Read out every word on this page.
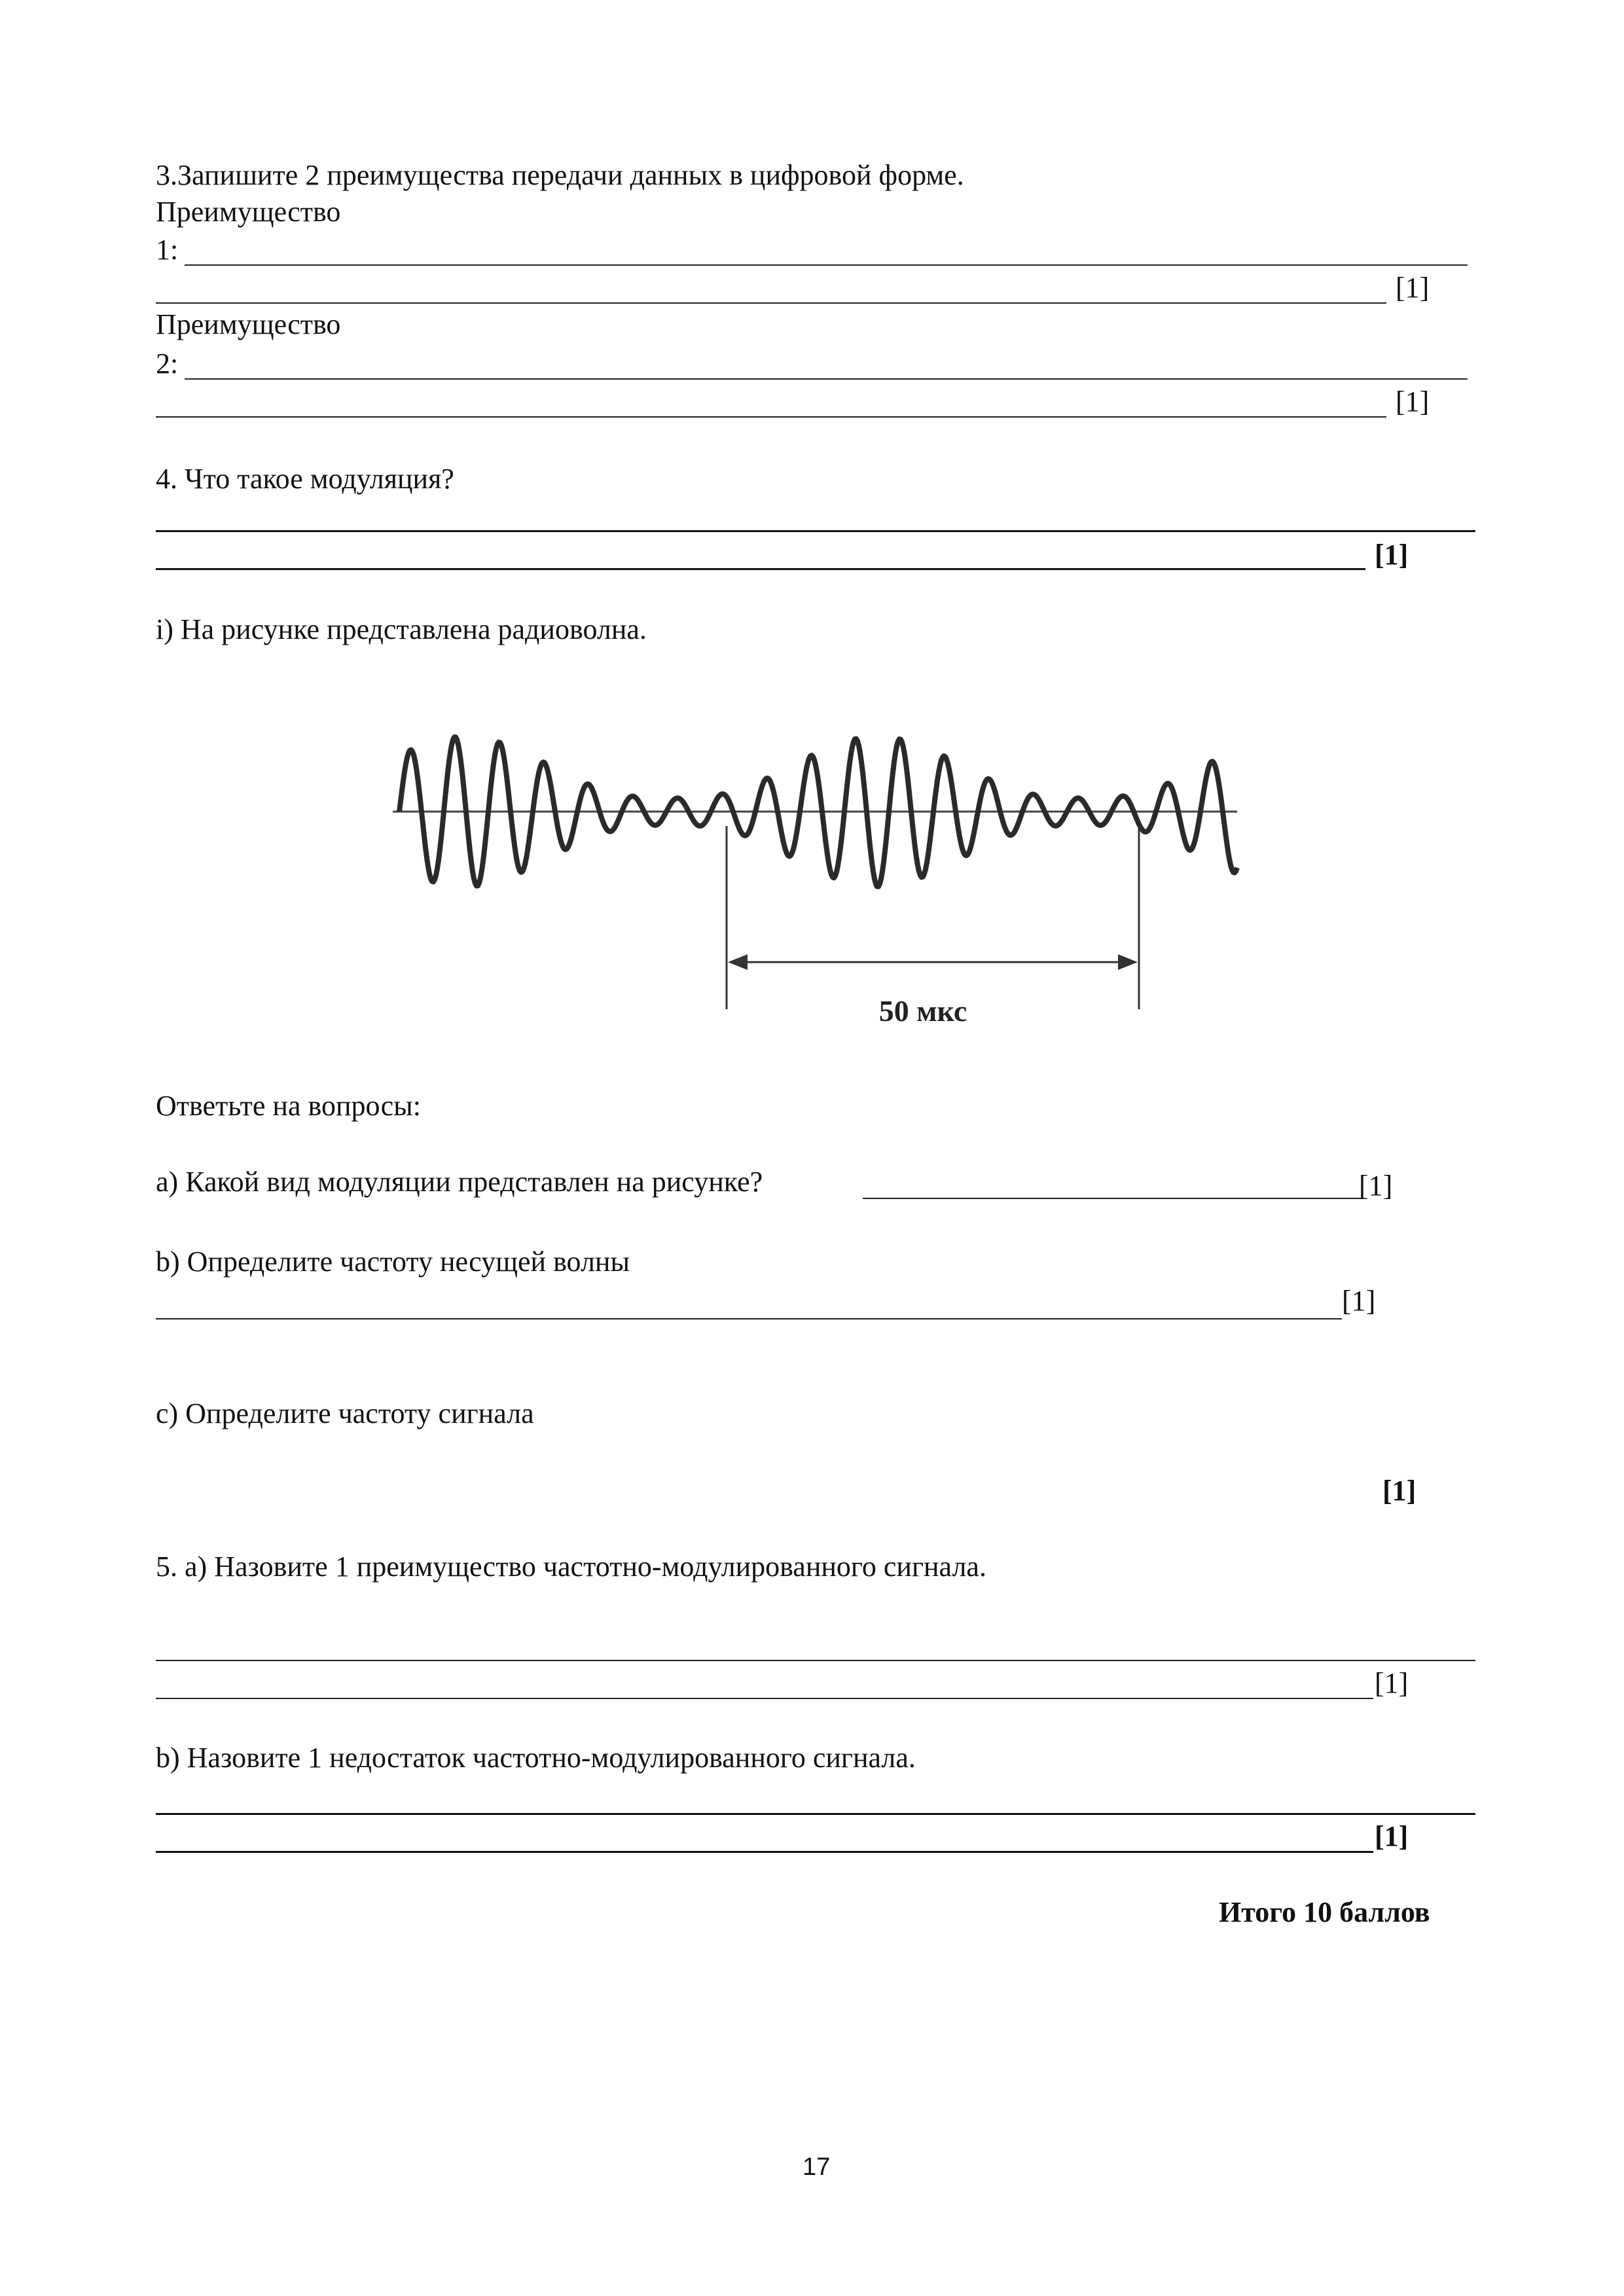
3.Запишите 2 преимущества передачи данных в цифровой форме.
Преимущество
1:
[1]
Преимущество
2:
[1]
4. Что такое модуляция?
[1]
i) На рисунке представлена радиоволна.
50 мкс
Ответьте на вопросы:
a) Какой вид модуляции представлен на рисунке?	[1]
b) Определите частоту несущей волны
[1]
c) Определите частоту сигнала
[1]
5. a) Назовите 1 преимущество частотно-модулированного сигнала.
[1]
b) Назовите 1 недостаток частотно-модулированного сигнала.
[1]
Итого 10 баллов
17
